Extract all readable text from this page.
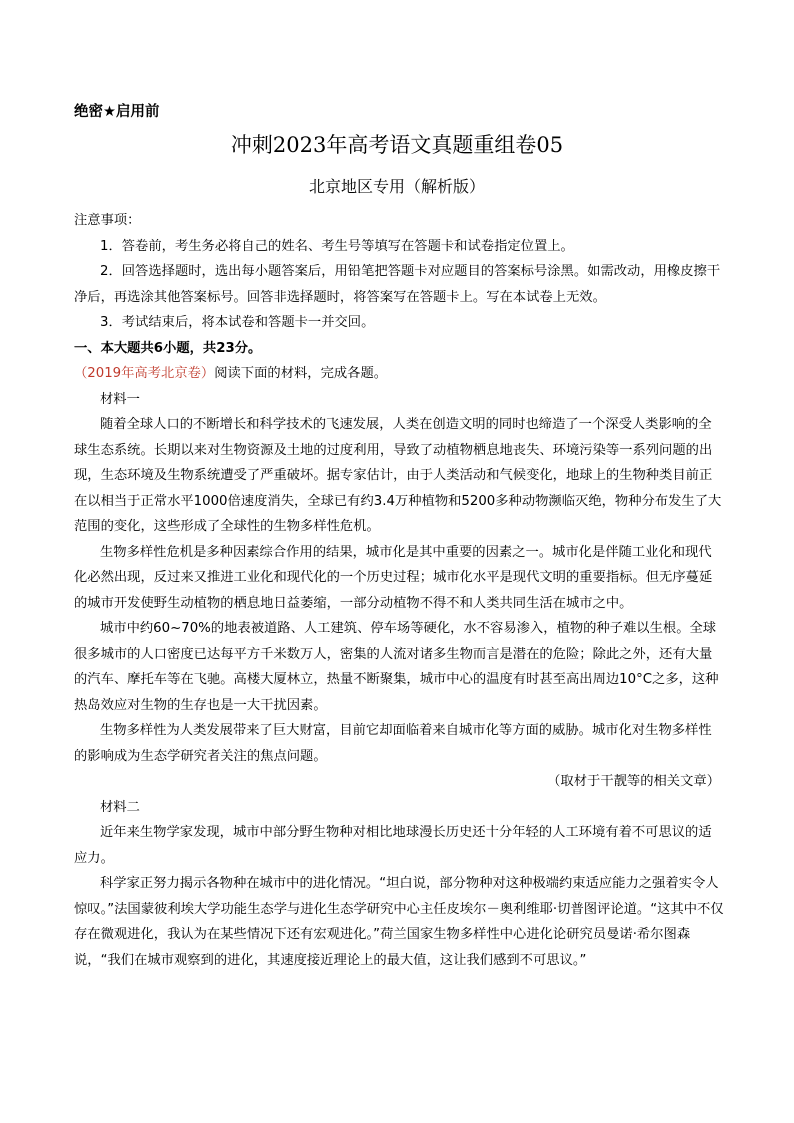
绝密★启用前
冲刺2023年高考语文真题重组卷05
北京地区专用（解析版）

注意事项：

1．答卷前，考生务必将自己的姓名、考生号等填写在答题卡和试卷指定位置上。

2．回答选择题时，选出每小题答案后，用铅笔把答题卡对应题目的答案标号涂黑。如需改动，用橡皮擦干净后，再选涂其他答案标号。回答非选择题时，将答案写在答题卡上。写在本试卷上无效。

3．考试结束后，将本试卷和答题卡一并交回。

一、本大题共6小题，共23分。

（2019年高考北京卷）阅读下面的材料，完成各题。

材料一

随着全球人口的不断增长和科学技术的飞速发展，人类在创造文明的同时也缔造了一个深受人类影响的全球生态系统。长期以来对生物资源及土地的过度利用，导致了动植物栖息地丧失、环境污染等一系列问题的出现，生态环境及生物系统遭受了严重破坏。据专家估计，由于人类活动和气候变化，地球上的生物种类目前正在以相当于正常水平1000倍速度消失，全球已有约3.4万种植物和5200多种动物濒临灭绝，物种分布发生了大范围的变化，这些形成了全球性的生物多样性危机。

生物多样性危机是多种因素综合作用的结果，城市化是其中重要的因素之一。城市化是伴随工业化和现代化必然出现，反过来又推进工业化和现代化的一个历史过程；城市化水平是现代文明的重要指标。但无序蔓延的城市开发使野生动植物的栖息地日益萎缩，一部分动植物不得不和人类共同生活在城市之中。

城市中约60~70%的地表被道路、人工建筑、停车场等硬化，水不容易渗入，植物的种子难以生根。全球很多城市的人口密度已达每平方千米数万人，密集的人流对诸多生物而言是潜在的危险；除此之外，还有大量的汽车、摩托车等在飞驰。高楼大厦林立，热量不断聚集，城市中心的温度有时甚至高出周边10°C之多，这种热岛效应对生物的生存也是一大干扰因素。

生物多样性为人类发展带来了巨大财富，目前它却面临着来自城市化等方面的威胁。城市化对生物多样性的影响成为生态学研究者关注的焦点问题。

（取材于干靓等的相关文章）

材料二

近年来生物学家发现，城市中部分野生物种对相比地球漫长历史还十分年轻的人工环境有着不可思议的适应力。

科学家正努力揭示各物种在城市中的进化情况。“坦白说，部分物种对这种极端约束适应能力之强着实令人惊叹。”法国蒙彼利埃大学功能生态学与进化生态学研究中心主任皮埃尔－奥利维耶·切普图评论道。“这其中不仅存在微观进化，我认为在某些情况下还有宏观进化。”荷兰国家生物多样性中心进化论研究员曼诺·希尔图森说，“我们在城市观察到的进化，其速度接近理论上的最大值，这让我们感到不可思议。”
